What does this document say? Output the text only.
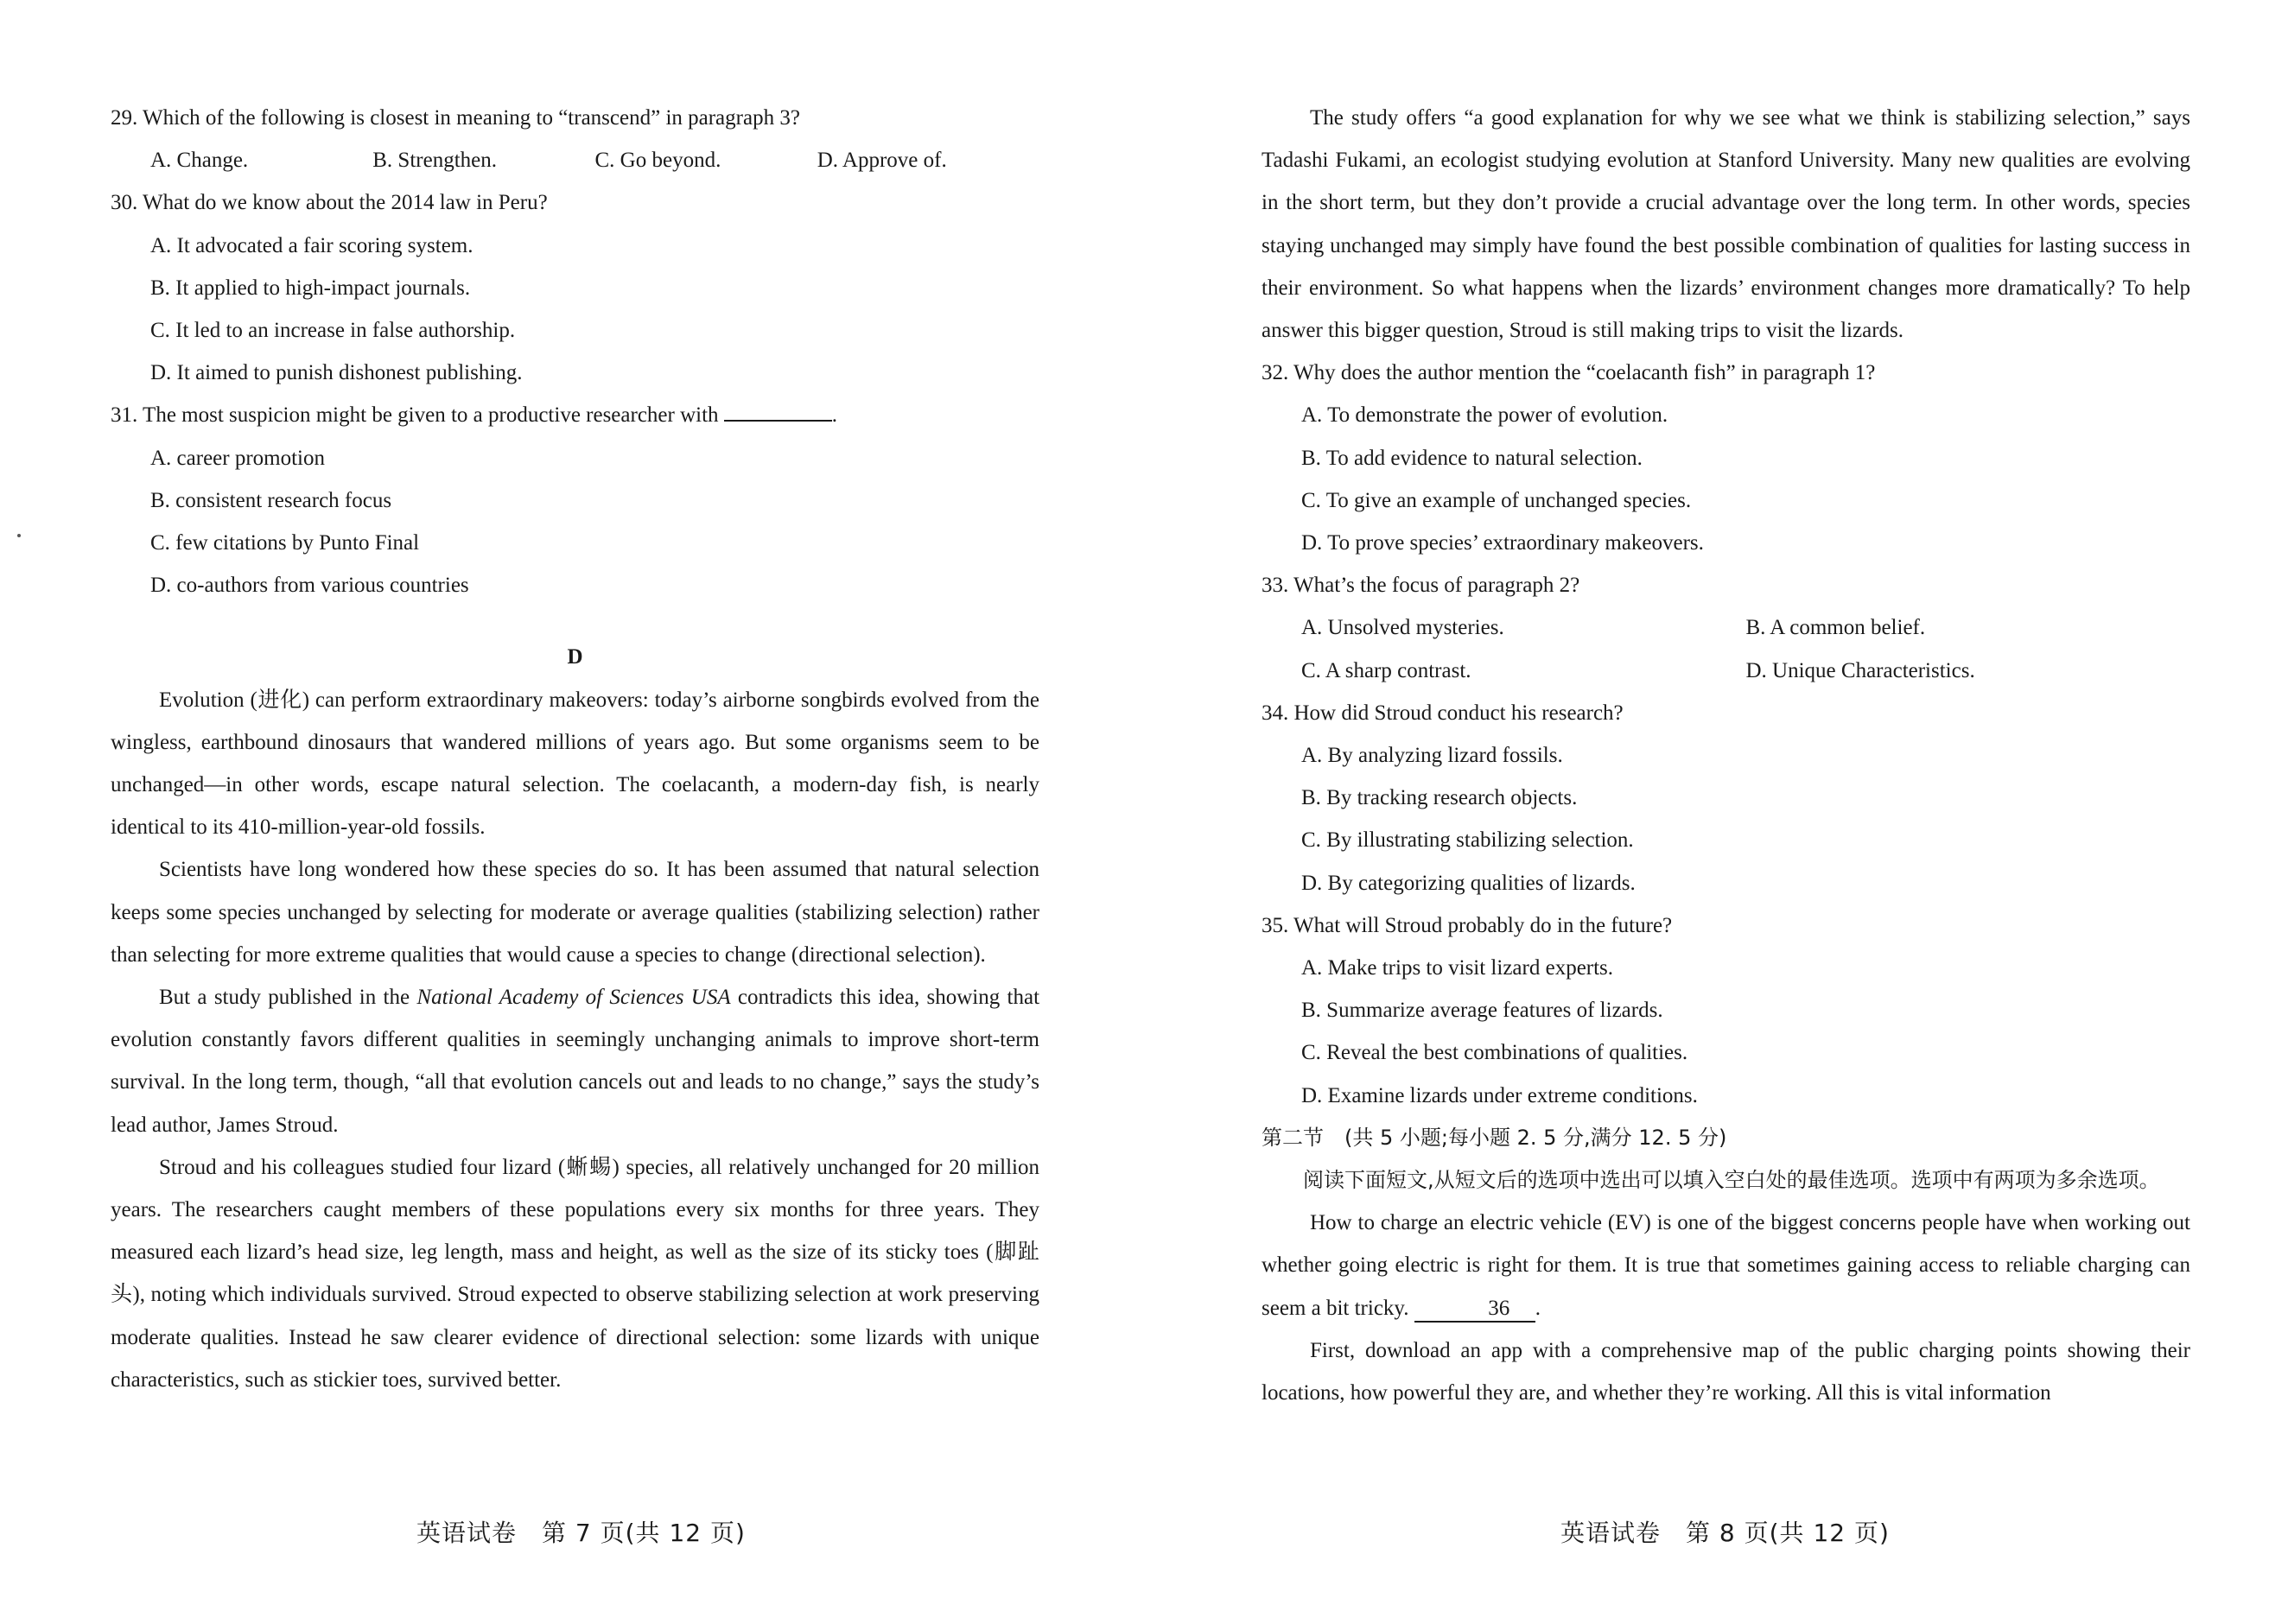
29. Which of the following is closest in meaning to “transcend” in paragraph 3?

A. Change.	B. Strengthen.	C. Go beyond.	D. Approve of.

30. What do we know about the 2014 law in Peru?

A. It advocated a fair scoring system.

B. It applied to high-impact journals.

C. It led to an increase in false authorship.

D. It aimed to punish dishonest publishing.

31. The most suspicion might be given to a productive researcher with	.

A. career promotion

B. consistent research focus

C. few citations by Punto Final

D. co-authors from various countries

D

Evolution (进化) can perform extraordinary makeovers: today’s airborne songbirds evolved from the wingless, earthbound dinosaurs that wandered millions of years ago. But some organisms seem to be unchanged—in other words, escape natural selection. The coelacanth, a modern-day fish, is nearly identical to its 410-million-year-old fossils.

Scientists have long wondered how these species do so. It has been assumed that natural selection keeps some species unchanged by selecting for moderate or average qualities (stabilizing selection) rather than selecting for more extreme qualities that would cause a species to change (directional selection).

But a study published in the National Academy of Sciences USA contradicts this idea, showing that evolution constantly favors different qualities in seemingly unchanging animals to improve short-term survival. In the long term, though, “all that evolution cancels out and leads to no change,” says the study’s lead author, James Stroud.

Stroud and his colleagues studied four lizard (蜥蜴) species, all relatively unchanged for 20 million years. The researchers caught members of these populations every six months for three years. They measured each lizard’s head size, leg length, mass and height, as well as the size of its sticky toes (脚趾头), noting which individuals survived. Stroud expected to observe stabilizing selection at work preserving moderate qualities. Instead he saw clearer evidence of directional selection: some lizards with unique characteristics, such as stickier toes, survived better.

英语试卷　第 7 页(共 12 页)

The study offers “a good explanation for why we see what we think is stabilizing selection,” says Tadashi Fukami, an ecologist studying evolution at Stanford University. Many new qualities are evolving in the short term, but they don’t provide a crucial advantage over the long term. In other words, species staying unchanged may simply have found the best possible combination of qualities for lasting success in their environment. So what happens when the lizards’ environment changes more dramatically? To help answer this bigger question, Stroud is still making trips to visit the lizards.

32. Why does the author mention the “coelacanth fish” in paragraph 1?

A. To demonstrate the power of evolution.

B. To add evidence to natural selection.

C. To give an example of unchanged species.

D. To prove species’ extraordinary makeovers.

33. What’s the focus of paragraph 2?

A. Unsolved mysteries.	B. A common belief.
C. A sharp contrast.	D. Unique Characteristics.

34. How did Stroud conduct his research?

A. By analyzing lizard fossils.

B. By tracking research objects.

C. By illustrating stabilizing selection.

D. By categorizing qualities of lizards.

35. What will Stroud probably do in the future?

A. Make trips to visit lizard experts.

B. Summarize average features of lizards.

C. Reveal the best combinations of qualities.

D. Examine lizards under extreme conditions.

第二节　(共 5 小题;每小题 2. 5 分,满分 12. 5 分)

阅读下面短文,从短文后的选项中选出可以填入空白处的最佳选项。选项中有两项为多余选项。

How to charge an electric vehicle (EV) is one of the biggest concerns people have when working out whether going electric is right for them. It is true that sometimes gaining access to reliable charging can seem a bit tricky.	36 .

First, download an app with a comprehensive map of the public charging points showing their locations, how powerful they are, and whether they’re working. All this is vital information

英语试卷　第 8 页(共 12 页)
